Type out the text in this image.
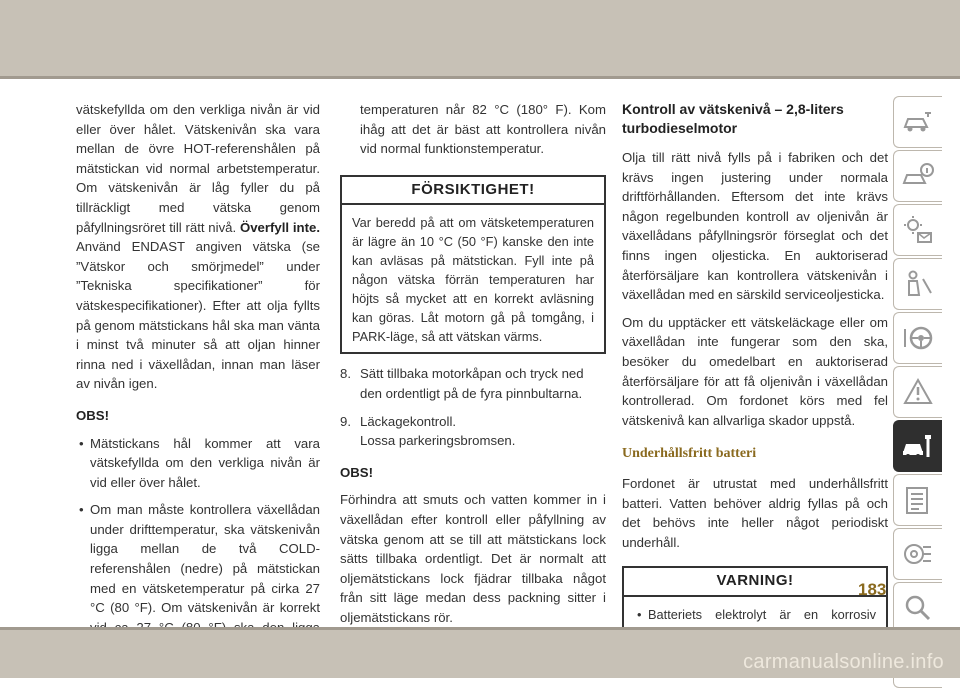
vätskefyllda om den verkliga nivån är vid eller över hålet. Vätskenivån ska vara mellan de övre HOT-referenshålen på mätstickan vid normal arbetstemperatur. Om vätskenivån är låg fyller du på tillräckligt med vätska genom påfyllningsröret till rätt nivå. Överfyll inte. Använd ENDAST angiven vätska (se ”Vätskor och smörjmedel” under ”Tekniska specifikationer” för vätskespecifikationer). Efter att olja fyllts på genom mätstickans hål ska man vänta i minst två minuter så att oljan hinner rinna ned i växellådan, innan man läser av nivån igen.

OBS!
• Mätstickans hål kommer att vara vätskefyllda om den verkliga nivån är vid eller över hålet.
• Om man måste kontrollera växellådan under drifttemperatur, ska vätskenivån ligga mellan de två COLD-referenshålen (nedre) på mätstickan med en vätsketemperatur på cirka 27 °C (80 °F). Om vätskenivån är korrekt

temperaturen når 82 °C (180° F). Kom ihåg att det är bäst att kontrollera nivån vid normal funktionstemperatur.

FÖRSIKTIGHET!
Var beredd på att om vätsketemperaturen är lägre än 10 °C (50 °F) kanske den inte kan avläsas på mätstickan. Fyll inte på någon vätska förrän temperaturen har höjts så mycket att en korrekt avläsning kan göras. Låt motorn gå på tomgång, i PARK-läge, så att vätskan värms.
8. Sätt tillbaka motorkåpan och tryck ned den ordentligt på de fyra pinnbultarna.
9. Läckagekontroll.
Lossa parkeringsbromsen.
OBS!

Förhindra att smuts och vatten kommer in i växellådan efter kontroll eller påfyllning av vätska genom att se till att mätstickans lock sätts tillbaka ordentligt. Det är normalt att oljemätstickans lock fjädrar tillbaka något från sitt läge medan dess packning sitter i oljemätstickans rör.

Kontroll av vätskenivå – 2,8-liters turbodieselmotor

Olja till rätt nivå fylls på i fabriken och det krävs ingen justering under normala driftförhållanden. Eftersom det inte krävs någon regelbunden kontroll av oljenivån är växellådans påfyllningsrör förseglat och det finns ingen oljesticka. En auktoriserad återförsäljare kan kontrollera vätskenivån i växellådan med en särskild serviceoljesticka.

Om du upptäcker ett vätskeläckage eller om växellådan inte fungerar som den ska, besöker du omedelbart en auktoriserad återförsäljare för att få oljenivån i växellådan kontrollerad. Om fordonet körs med fel vätskenivå kan allvarliga skador uppstå.

Underhållsfritt batteri

Fordonet är utrustat med underhållsfritt batteri. Vatten behöver aldrig fyllas på och det behövs inte heller något periodiskt underhåll.

VARNING!
• Batteriets elektrolyt är en korrosiv
183
carmanualsonline.info
